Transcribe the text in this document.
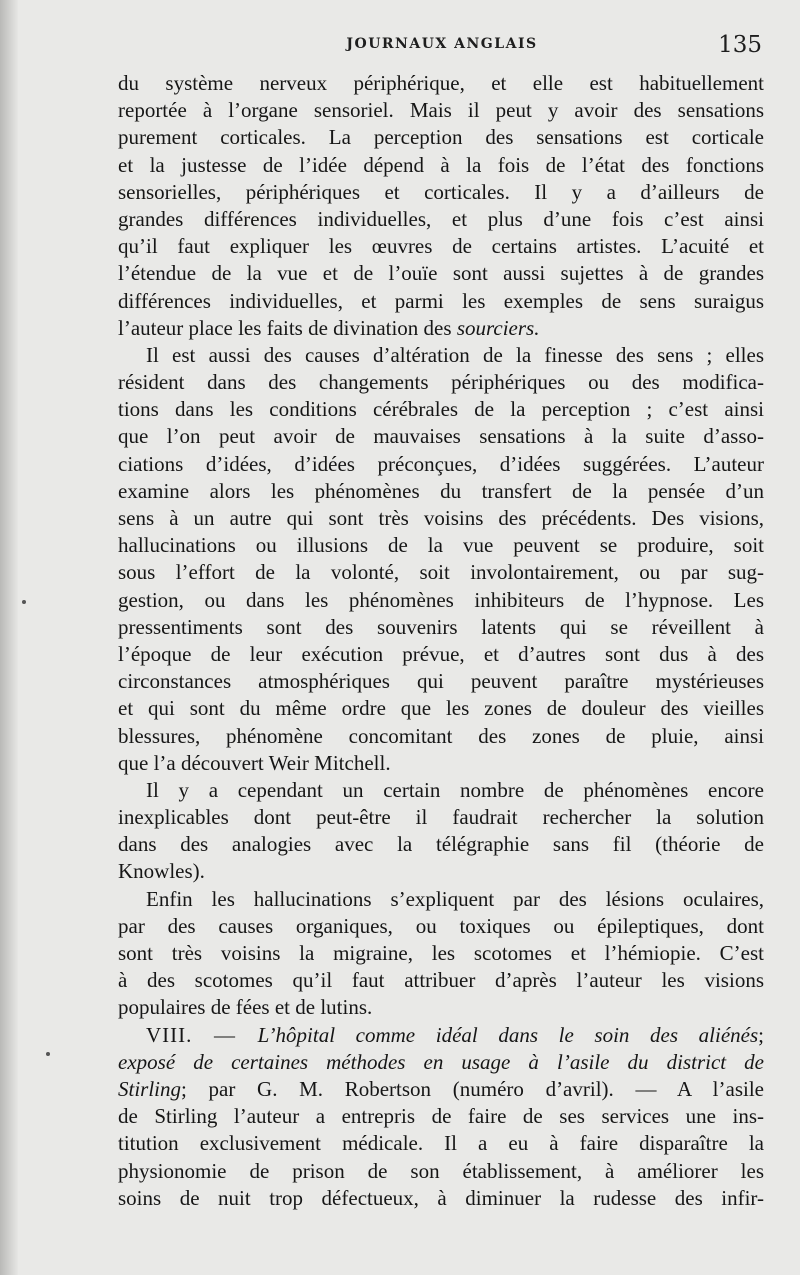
JOURNAUX ANGLAIS	135
du système nerveux périphérique, et elle est habituellement
reportée à l’organe sensoriel. Mais il peut y avoir des sensations
purement corticales. La perception des sensations est corticale
et la justesse de l’idée dépend à la fois de l’état des fonctions
sensorielles, périphériques et corticales. Il y a d’ailleurs de
grandes différences individuelles, et plus d’une fois c’est ainsi
qu’il faut expliquer les œuvres de certains artistes. L’acuité et
l’étendue de la vue et de l’ouïe sont aussi sujettes à de grandes
différences individuelles, et parmi les exemples de sens suraigus
l’auteur place les faits de divination des sourciers.
Il est aussi des causes d’altération de la finesse des sens ; elles
résident dans des changements périphériques ou des modifica-
tions dans les conditions cérébrales de la perception ; c’est ainsi
que l’on peut avoir de mauvaises sensations à la suite d’asso-
ciations d’idées, d’idées préconçues, d’idées suggérées. L’auteur
examine alors les phénomènes du transfert de la pensée d’un
sens à un autre qui sont très voisins des précédents. Des visions,
hallucinations ou illusions de la vue peuvent se produire, soit
sous l’effort de la volonté, soit involontairement, ou par sug-
gestion, ou dans les phénomènes inhibiteurs de l’hypnose. Les
pressentiments sont des souvenirs latents qui se réveillent à
l’époque de leur exécution prévue, et d’autres sont dus à des
circonstances atmosphériques qui peuvent paraître mystérieuses
et qui sont du même ordre que les zones de douleur des vieilles
blessures, phénomène concomitant des zones de pluie, ainsi
que l’a découvert Weir Mitchell.
Il y a cependant un certain nombre de phénomènes encore
inexplicables dont peut-être il faudrait rechercher la solution
dans des analogies avec la télégraphie sans fil (théorie de
Knowles).
Enfin les hallucinations s’expliquent par des lésions oculaires,
par des causes organiques, ou toxiques ou épileptiques, dont
sont très voisins la migraine, les scotomes et l’hémiopie. C’est
à des scotomes qu’il faut attribuer d’après l’auteur les visions
populaires de fées et de lutins.
VIII. — L’hôpital comme idéal dans le soin des aliénés;
exposé de certaines méthodes en usage à l’asile du district de
Stirling; par G. M. Robertson (numéro d’avril). — A l’asile
de Stirling l’auteur a entrepris de faire de ses services une ins-
titution exclusivement médicale. Il a eu à faire disparaître la
physionomie de prison de son établissement, à améliorer les
soins de nuit trop défectueux, à diminuer la rudesse des infir-
